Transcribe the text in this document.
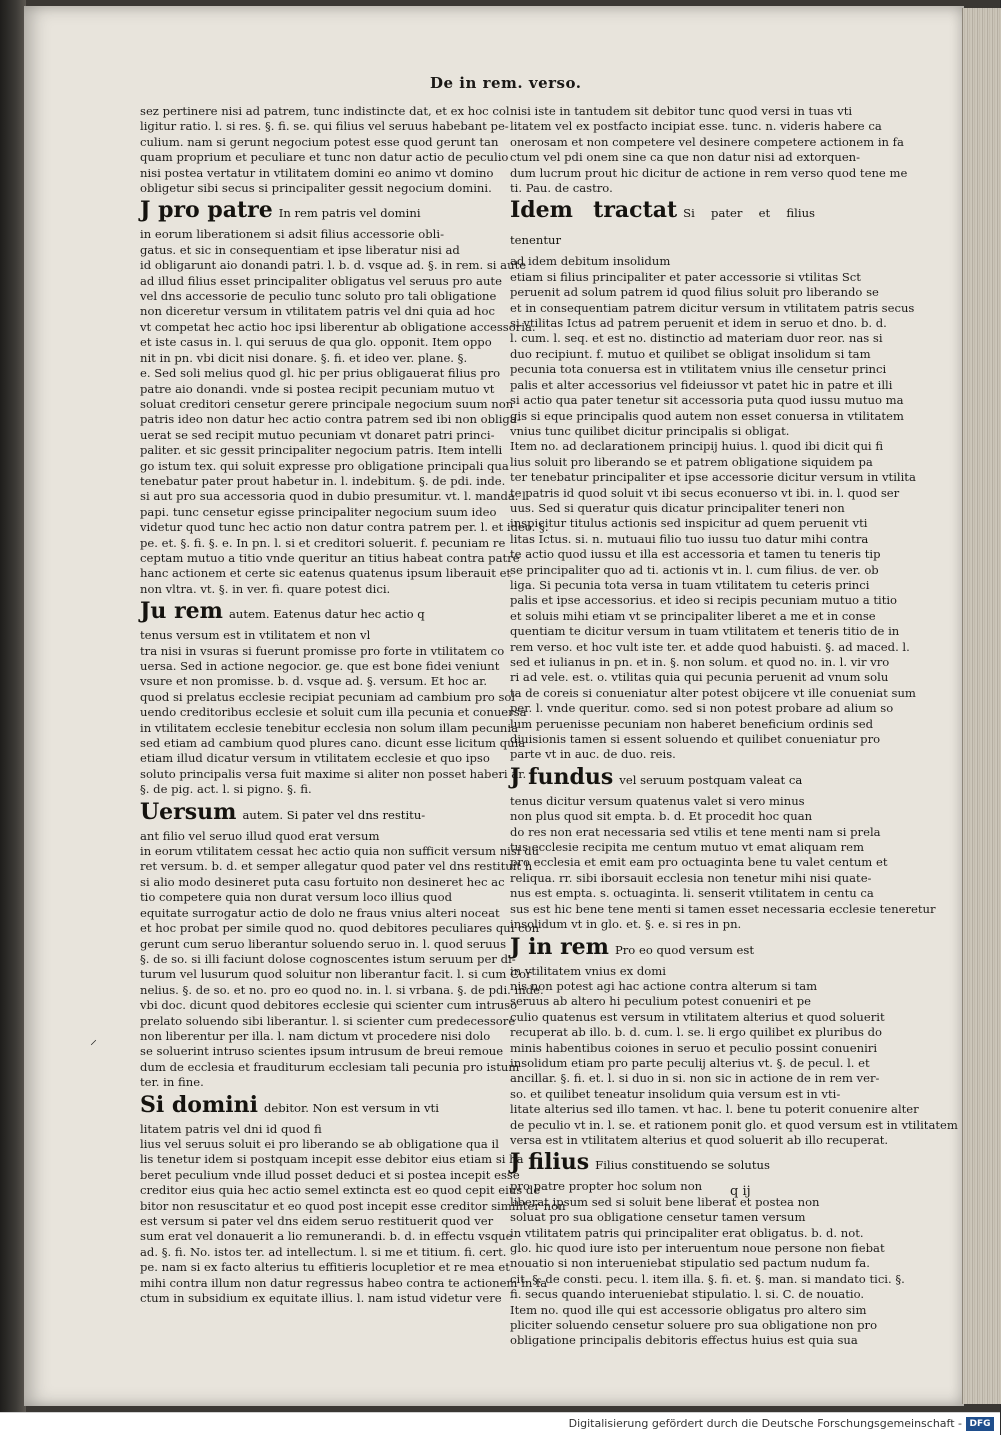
De in rem. verso.
sez pertinere nisi ad patrem, tunc indistincte dat, et ex hoc col
ligitur ratio. l. si res. §. fi. se. qui filius vel seruus habebant pe-
culium. nam si gerunt negocium potest esse quod gerunt tan
quam proprium et peculiare et tunc non datur actio de peculio
nisi postea vertatur in vtilitatem domini eo animo vt domino
obligetur sibi secus si principaliter gessit negocium domini.
J pro patre In rem patris vel domini
in eorum liberationem si adsit filius accessorie obli-
gatus. et sic in consequentiam et ipse liberatur nisi ad
id obligarunt aio donandi patri. l. b. d. vsque ad. §. in rem. si aute
ad illud filius esset principaliter obligatus vel seruus pro aute
vel dns accessorie de peculio tunc soluto pro tali obligatione
non diceretur versum in vtilitatem patris vel dni quia ad hoc
vt competat hec actio hoc ipsi liberentur ab obligatione accessoria.
et iste casus in. l. qui seruus de qua glo. opponit. Item oppo
nit in pn. vbi dicit nisi donare. §. fi. et ideo ver. plane. §.
e. Sed soli melius quod gl. hic per prius obligauerat filius pro
patre aio donandi. vnde si postea recipit pecuniam mutuo vt
soluat creditori censetur gerere principale negocium suum non
patris ideo non datur hec actio contra patrem sed ibi non obliga-
uerat se sed recipit mutuo pecuniam vt donaret patri princi-
paliter. et sic gessit principaliter negocium patris. Item intelli
go istum tex. qui soluit expresse pro obligatione principali qua
tenebatur pater prout habetur in. l. indebitum. §. de pdi. inde.
si aut pro sua accessoria quod in dubio presumitur. vt. l. manda. l.
papi. tunc censetur egisse principaliter negocium suum ideo
videtur quod tunc hec actio non datur contra patrem per. l. et ideo. §.
pe. et. §. fi. §. e. In pn. l. si et creditori soluerit. f. pecuniam re
ceptam mutuo a titio vnde queritur an titius habeat contra patre
hanc actionem et certe sic eatenus quatenus ipsum liberauit et
non vltra. vt. §. in ver. fi. quare potest dici.
Ju rem autem. Eatenus datur hec actio q
tenus versum est in vtilitatem et non vl
tra nisi in vsuras si fuerunt promisse pro forte in vtilitatem co
uersa. Sed in actione negocior. ge. que est bone fidei veniunt
vsure et non promisse. b. d. vsque ad. §. versum. Et hoc ar.
quod si prelatus ecclesie recipiat pecuniam ad cambium pro sol
uendo creditoribus ecclesie et soluit cum illa pecunia et conuersa
in vtilitatem ecclesie tenebitur ecclesia non solum illam pecunia
sed etiam ad cambium quod plures cano. dicunt esse licitum quia
etiam illud dicatur versum in vtilitatem ecclesie et quo ipso
soluto principalis versa fuit maxime si aliter non posset haberi ar.
§. de pig. act. l. si pigno. §. fi.
Uersum autem. Si pater vel dns restitu-
ant filio vel seruo illud quod erat versum
in eorum vtilitatem cessat hec actio quia non sufficit versum nisi du
ret versum. b. d. et semper allegatur quod pater vel dns restituit h
si alio modo desineret puta casu fortuito non desineret hec ac
tio competere quia non durat versum loco illius quod
equitate surrogatur actio de dolo ne fraus vnius alteri noceat
et hoc probat per simile quod no. quod debitores peculiares qui con
gerunt cum seruo liberantur soluendo seruo in. l. quod seruus
§. de so. si illi faciunt dolose cognoscentes istum seruum per di-
turum vel lusurum quod soluitur non liberantur facit. l. si cum Cor
nelius. §. de so. et no. pro eo quod no. in. l. si vrbana. §. de pdi. inde.
vbi doc. dicunt quod debitores ecclesie qui scienter cum intruso
prelato soluendo sibi liberantur. l. si scienter cum predecessore
non liberentur per illa. l. nam dictum vt procedere nisi dolo
se soluerint intruso scientes ipsum intrusum de breui remoue
dum de ecclesia et frauditurum ecclesiam tali pecunia pro istum
ter. in fine.
Si domini debitor. Non est versum in vti
litatem patris vel dni id quod fi
lius vel seruus soluit ei pro liberando se ab obligatione qua il
lis tenetur idem si postquam incepit esse debitor eius etiam si ha
beret peculium vnde illud posset deduci et si postea incepit esse
creditor eius quia hec actio semel extincta est eo quod cepit eius de
bitor non resuscitatur et eo quod post incepit esse creditor similiter non
est versum si pater vel dns eidem seruo restituerit quod ver
sum erat vel donauerit a lio remunerandi. b. d. in effectu vsque
ad. §. fi. No. istos ter. ad intellectum. l. si me et titium. fi. cert.
pe. nam si ex facto alterius tu effitieris locupletior et re mea et
mihi contra illum non datur regressus habeo contra te actionem in fa
ctum in subsidium ex equitate illius. l. nam istud videtur vere
nisi iste in tantudem sit debitor tunc quod versi in tuas vti
litatem vel ex postfacto incipiat esse. tunc. n. videris habere ca
onerosam et non competere vel desinere competere actionem in fa
ctum vel pdi onem sine ca que non datur nisi ad extorquen-
dum lucrum prout hic dicitur de actione in rem verso quod tene me
ti. Pau. de castro.
Idem tractat Si pater et filius tenentur
ad idem debitum insolidum
etiam si filius principaliter et pater accessorie si vtilitas Sct
peruenit ad solum patrem id quod filius soluit pro liberando se
et in consequentiam patrem dicitur versum in vtilitatem patris secus
si vtilitas Ictus ad patrem peruenit et idem in seruo et dno. b. d.
l. cum. l. seq. et est no. distinctio ad materiam duor reor. nas si
duo recipiunt. f. mutuo et quilibet se obligat insolidum si tam
pecunia tota conuersa est in vtilitatem vnius ille censetur princi
palis et alter accessorius vel fideiussor vt patet hic in patre et illi
si actio qua pater tenetur sit accessoria puta quod iussu mutuo ma
gis si eque principalis quod autem non esset conuersa in vtilitatem
vnius tunc quilibet dicitur principalis si obligat.
Item no. ad declarationem principij huius. l. quod ibi dicit qui fi
lius soluit pro liberando se et patrem obligatione siquidem pa
ter tenebatur principaliter et ipse accessorie dicitur versum in vtilita
te patris id quod soluit vt ibi secus econuerso vt ibi. in. l. quod ser
uus. Sed si queratur quis dicatur principaliter teneri non
inspicitur titulus actionis sed inspicitur ad quem peruenit vti
litas Ictus. si. n. mutuaui filio tuo iussu tuo datur mihi contra
te actio quod iussu et illa est accessoria et tamen tu teneris tip
se principaliter quo ad ti. actionis vt in. l. cum filius. de ver. ob
liga. Si pecunia tota versa in tuam vtilitatem tu ceteris princi
palis et ipse accessorius. et ideo si recipis pecuniam mutuo a titio
et soluis mihi etiam vt se principaliter liberet a me et in conse
quentiam te dicitur versum in tuam vtilitatem et teneris titio de in
rem verso. et hoc vult iste ter. et adde quod habuisti. §. ad maced. l.
sed et iulianus in pn. et in. §. non solum. et quod no. in. l. vir vro
ri ad vele. est. o. vtilitas quia qui pecunia peruenit ad vnum solu
ta de coreis si conueniatur alter potest obijcere vt ille conueniat sum
per. l. vnde queritur. como. sed si non potest probare ad alium so
lum peruenisse pecuniam non haberet beneficium ordinis sed
diuisionis tamen si essent soluendo et quilibet conueniatur pro
parte vt in auc. de duo. reis.
J fundus vel seruum postquam valeat ca
tenus dicitur versum quatenus valet si vero minus
non plus quod sit empta. b. d. Et procedit hoc quan
do res non erat necessaria sed vtilis et tene menti nam si prela
tus ecclesie recipita me centum mutuo vt emat aliquam rem
pro ecclesia et emit eam pro octuaginta bene tu valet centum et
reliqua. rr. sibi iborsauit ecclesia non tenetur mihi nisi quate-
nus est empta. s. octuaginta. li. senserit vtilitatem in centu ca
sus est hic bene tene menti si tamen esset necessaria ecclesie teneretur
insolidum vt in glo. et. §. e. si res in pn.
J in rem Pro eo quod versum est
in vtilitatem vnius ex domi
nis non potest agi hac actione contra alterum si tam
seruus ab altero hi peculium potest conueniri et pe
culio quatenus est versum in vtilitatem alterius et quod soluerit
recuperat ab illo. b. d. cum. l. se. li ergo quilibet ex pluribus do
minis habentibus coiones in seruo et peculio possint conueniri
insolidum etiam pro parte peculij alterius vt. §. de pecul. l. et
ancillar. §. fi. et. l. si duo in si. non sic in actione de in rem ver-
so. et quilibet teneatur insolidum quia versum est in vti-
litate alterius sed illo tamen. vt hac. l. bene tu poterit conuenire alter
de peculio vt in. l. se. et rationem ponit glo. et quod versum est in vtilitatem
versa est in vtilitatem alterius et quod soluerit ab illo recuperat.
J filius Filius constituendo se solutus
pro patre propter hoc solum non
liberat ipsum sed si soluit bene liberat et postea non
soluat pro sua obligatione censetur tamen versum
in vtilitatem patris qui principaliter erat obligatus. b. d. not.
glo. hic quod iure isto per interuentum noue persone non fiebat
nouatio si non interueniebat stipulatio sed pactum nudum fa.
cit. §. de consti. pecu. l. item illa. §. fi. et. §. man. si mandato tici. §.
fi. secus quando interueniebat stipulatio. l. si. C. de nouatio.
Item no. quod ille qui est accessorie obligatus pro altero sim
pliciter soluendo censetur soluere pro sua obligatione non pro
obligatione principalis debitoris effectus huius est quia sua
⸝
q ij
Digitalisierung gefördert durch die Deutsche Forschungsgemeinschaft - DFG
